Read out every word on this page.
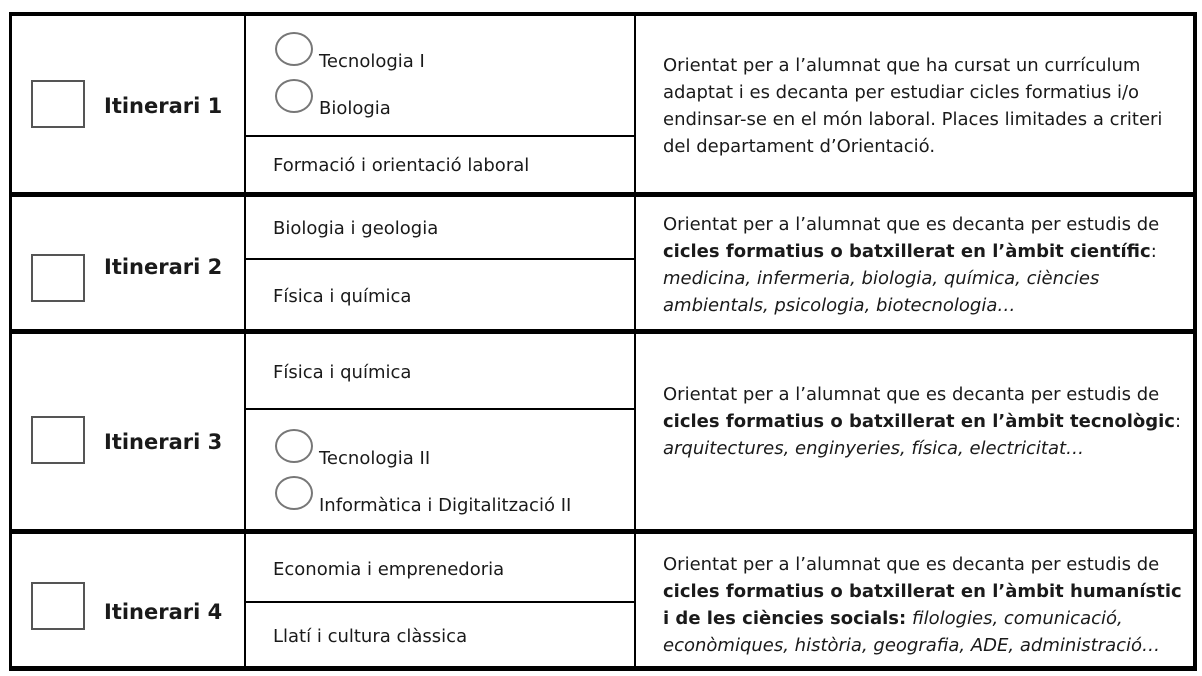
Itinerari 1
Tecnologia I
Biologia
Formació i orientació laboral
Orientat per a l’alumnat que ha cursat un currículum adaptat i es decanta per estudiar cicles formatius i/o endinsar-se en el món laboral. Places limitades a criteri del departament d’Orientació.
Itinerari 2
Biologia i geologia
Física i química
Orientat per a l’alumnat que es decanta per estudis de cicles formatius o batxillerat en l’àmbit científic: medicina, infermeria, biologia, química, ciències ambientals, psicologia, biotecnologia…
Itinerari 3
Física i química
Tecnologia II
Informàtica i Digitalització II
Orientat per a l’alumnat que es decanta per estudis de cicles formatius o batxillerat en l’àmbit tecnològic: arquitectures, enginyeries, física, electricitat…
Itinerari 4
Economia i emprenedoria
Llatí i cultura clàssica
Orientat per a l’alumnat que es decanta per estudis de cicles formatius o batxillerat en l’àmbit humanístic i de les ciències socials: filologies, comunicació, econòmiques, història, geografia, ADE, administració…
